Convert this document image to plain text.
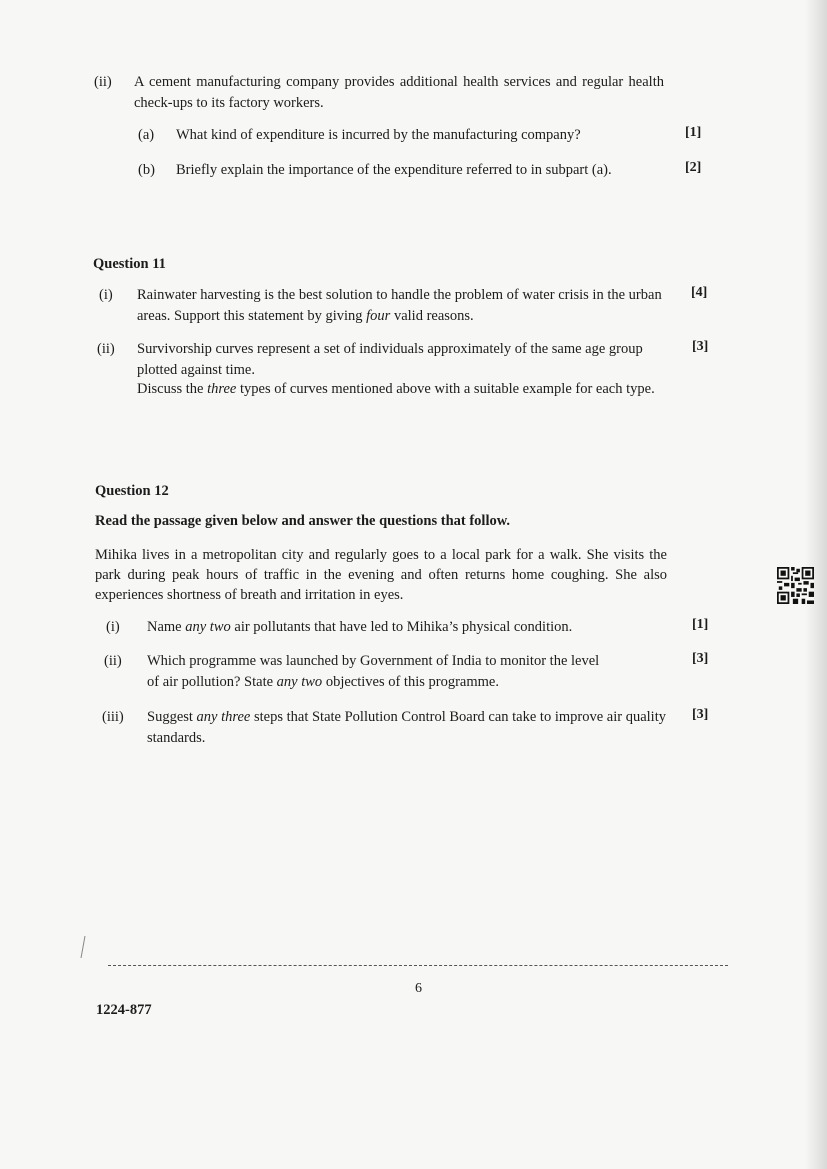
(ii) A cement manufacturing company provides additional health services and regular health check-ups to its factory workers.
(a) What kind of expenditure is incurred by the manufacturing company?	[1]
(b) Briefly explain the importance of the expenditure referred to in subpart (a).	[2]
Question 11
(i) Rainwater harvesting is the best solution to handle the problem of water crisis in the urban areas. Support this statement by giving four valid reasons.
[4]
(ii) Survivorship curves represent a set of individuals approximately of the same age group plotted against time.
Discuss the three types of curves mentioned above with a suitable example for each type.
[3]
Question 12
Read the passage given below and answer the questions that follow.
Mihika lives in a metropolitan city and regularly goes to a local park for a walk. She visits the park during peak hours of traffic in the evening and often returns home coughing. She also experiences shortness of breath and irritation in eyes.
(i) Name any two air pollutants that have led to Mihika’s physical condition.	[1]
(ii) Which programme was launched by Government of India to monitor the level
of air pollution? State any two objectives of this programme.
[3]
(iii) Suggest any three steps that State Pollution Control Board can take to improve air quality standards.
[3]
6
1224-877
